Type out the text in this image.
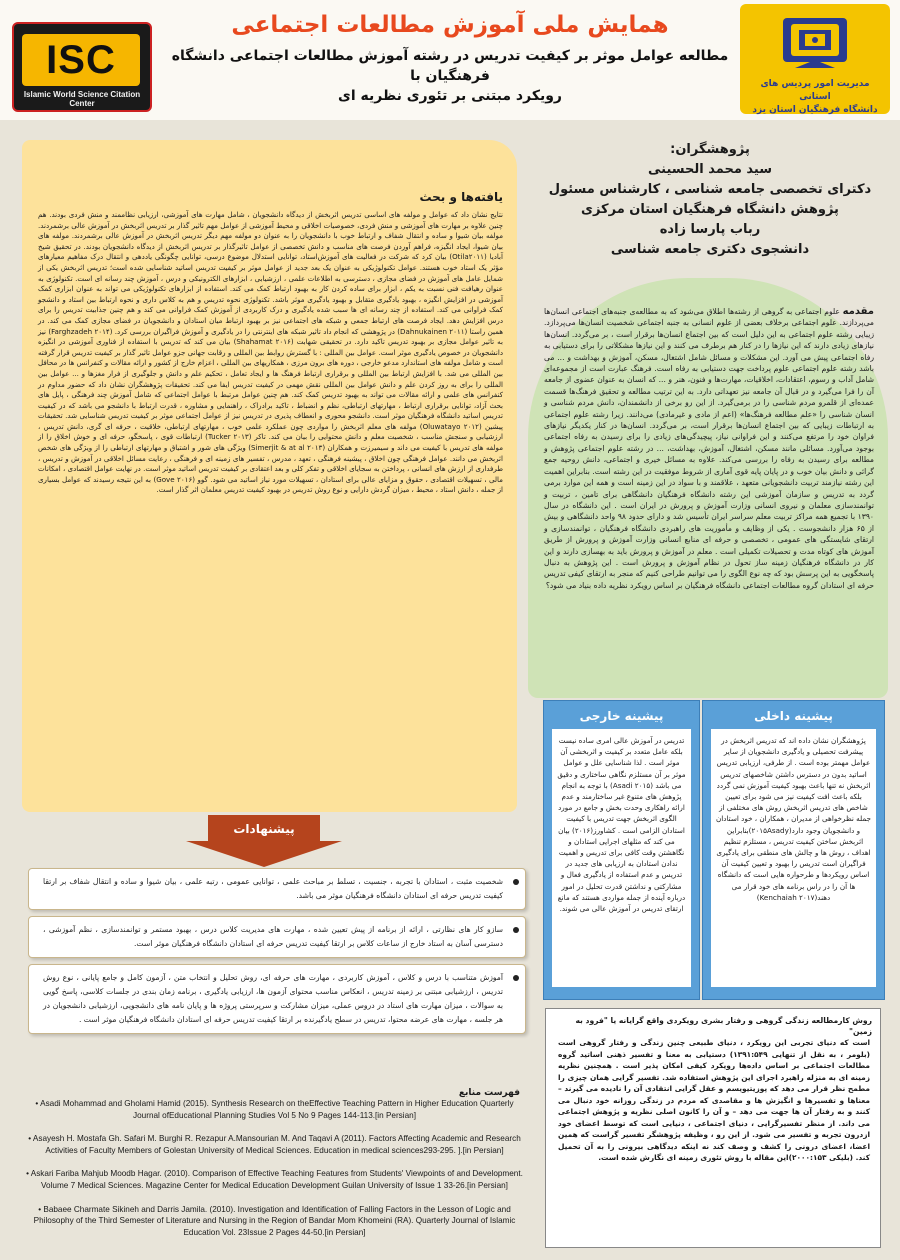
ISC
Islamic World Science Citation Center
مدیریت امور پردیس های استانی
دانشگاه فرهنگیان استان یزد
همایش ملی آموزش مطالعات اجتماعی
مطالعه عوامل موثر بر کیفیت تدریس در رشته آموزش مطالعات اجتماعی دانشگاه فرهنگیان با
رویکرد مبتنی بر تئوری نظریه ای
یافته‌ها و بحث
نتایج نشان داد که عوامل و مولفه های اساسی تدریس اثربخش از دیدگاه دانشجویان ، شامل مهارت های آموزشی، ارزیابی نظاممند و منش فردی بودند. هم چنین علاوه بر مهارت های آموزشی و منش فردی، خصوصیات اخلاقی و محیط آموزشی از عوامل مهم تاثیر گذار بر تدریس اثربخش در آموزش عالی برشمردند. مولفه بیان شیوا و ساده و انتقال شفاف و ارتباط خوب با دانشجویان را به عنوان دو مولفه مهم دیگر تدریس اثربخش در آموزش عالی برشمردند. مولفه های بیان شیوا، ایجاد انگیزه، فراهم آوردن فرصت های مناسب و دانش تخصصی از عوامل تاثیرگذار بر تدریس اثربخش از دیدگاه دانشجویان بودند. در تحقیق شیخ آبادیا (Otila۲۰۱۱) بیان کرد که شرکت در فعالیت های آموزش‌استاد، توانایی استدلال موضوع درسی، توانایی چگونگی یاددهی و انتقال درک مفاهیم معیارهای مؤثر یک استاد خوب هستند. عوامل تکنولوژیکی به عنوان یک بعد جدید از عوامل موثر بر کیفیت تدریس اساتید شناسایی شده است؛ تدریس اثربخش یکی از شمایل عامل های آموزش در فضای مجازی ، دسترسی به اطلاعات علمی ، ارزشیابی ، ابزارهای الکترونیکی و درس ، آموزش چند رسانه ای است. تکنولوژی به عنوان رهیافت فنی نسبت به یکم ، ابزار برای ساده کردن کار به بهبود ارتباط کمک می کند. استفاده از ابزارهای تکنولوژیکی می تواند به عنوان ابزاری کمک آموزشی در افزایش انگیزه ، بهبود یادگیری متقابل و بهبود یادگیری موثر باشد. تکنولوژی نحوه تدریس و هم به کلاس داری و نحوه ارتباط بین استاد و دانشجو کمک فراوانی می کند. استفاده از چند رسانه ای ها سبب شده یادگیری و درک کاربردی از آموزش کمک فراوانی می کند و هم چنین جذابیت تدریس را برای درس افزایش دهد. ایجاد فرصت های ارتباط جمعی و شبکه های اجتماعی نیز بر بهبود ارتباط میان استادان و دانشجویان در فضای مجازی کمک می کند. در همین راستا (Dahnukainen ۲۰۱۱) در پژوهشی که انجام داد تاثیر شبکه های اینترنتی را در یادگیری و آموزش فراگیران بررسی کرد. (Farghzadeh ۲۰۱۴) نیز به تاثیر عوامل مجازی بر بهبود تدریس تاکید دارد. در تحقیقی شهابت (Shahamat ۲۰۱۶) بیان می کند که تدریس با استفاده از فناوری آموزشی در انگیزه دانشجویان در خصوص یادگیری موثر است. عوامل بین المللی : با گسترش روابط بین المللی و رقابت جهانی جزو عوامل تاثیر گذار بر کیفیت تدریس قرار گرفته است و شامل مولفه های استاندارد مدعو خارجی ، دوره های برون مرزی ، همکاریهای بین المللی ، اعزام خارج از کشور و ارائه مقالات و کنفرانس ها در محافل بین المللی می شد. با افزایش ارتباط بین المللی و برقراری ارتباط فرهنگ ها و ایجاد تعامل ، تحکیم علم و دانش و جلوگیری از فرار مغزها و ... عوامل بین المللی را برای به روز کردن علم و دانش عوامل بین المللی نقش مهمی در کیفیت تدریس ایفا می کند. تحقیقات پژوهشگران نشان داد که حضور مداوم در کنفرانس های علمی و ارائه مقالات می تواند به بهبود تدریس کمک کند. هم چنین عوامل مرتبط با عوامل اجتماعی که شامل آموزش چند فرهنگی ، پایل های بحث آزاد، توانایی برقراری ارتباط ، مهارتهای ارتباطی، نظم و انضباط ، تاکید برادراک ، راهنمایی و مشاوره ، قدرت ارتباط با دانشجو می باشد که در کیفیت تدریس اساتید دانشگاه فرهنگیان موثر است. دانشجو محوری و انعطاف پذیری در تدریس نیز از عوامل اجتماعی موثر بر کیفیت تدریس شناسایی شد. تحقیقات پیشین (Oluwatayo ۲۰۱۲) مولفه های معلم اثربخش را مواردی چون عملکرد علمی خوب ، مهارتهای ارتباطی، خلاقیت ، حرفه ای گری، دانش تدریس ، ارزشیابی و سنجش مناسب ، شخصیت معلم و دانش محتوایی را بیان می کند. تاکر (Tucker ۲۰۱۳) ارتباطات قوی ، پاسخگو، حرفه ای و خوش اخلاق را از مولفه های تدریس با کیفیت می داند و سیمیرزت و همکاران (Simerjit & at al ۲۰۱۳) ویژگی های شور و اشتیاق و مهارتهای ارتباطی را از ویژگی های شخص اثربخش می دانند. عوامل فرهنگی چون اخلاق ، پیشینه فرهنگی ، تعهد ، مدرس ، تفسیر های زمینه ای و فرهنگی ، رعایت مسائل اخلاقی در آموزش و تدریس ، طرفداری از ارزش های انسانی ، پرداختن به سجایای اخلاقی و تفکر کلی و بعد اعتقادی بر کیفیت تدریس اساتید موثر است. در نهایت عوامل اقتصادی ، امکانات مالی ، تسهیلات اقتصادی ، حقوق و مزایای عالی برای استادان ، تسهیلات مورد نیاز اساتید می شود. گوو (Gove ۲۰۱۶) به این نتیجه رسیدند که عوامل بسیاری از جمله ، دانش استاد ، محیط ، میزان گردش دارایی و نوع روش تدریس در بهبود کیفیت تدریس معلمان اثر گذار است.
پژوهشگران:
سید محمد الحسینی
دکترای تخصصی جامعه شناسی ، کارشناس مسئول
پژوهش دانشگاه فرهنگیان استان مرکزی
رباب پارسا زاده
دانشجوی دکتری جامعه شناسی
مقدمه علوم اجتماعی به گروهی از رشته‌ها اطلاق می‌شود که به مطالعه‌ی جنبه‌های اجتماعی انسان‌ها می‌پردازند. علوم اجتماعی برخلاف بعضی از علوم انسانی به جنبه اجتماعی شخصیت انسان‌ها می‌پردازد. زیبایی رشته علوم اجتماعی به این دلیل است که بین اجتماع انسان‌ها برقرار است ، بر می‌گردد. انسان‌ها نیازهای زیادی دارند که این نیازها را در کنار هم برطرف می کنند و این نیازها مشکلاتی را برای دستیابی به رفاه اجتماعی پیش می آورد. این مشکلات و مسائل شامل اشتغال، مسکن، آموزش و بهداشت و ... می باشد رشته علوم اجتماعی علوم پرداخت جهت دستیابی به رفاه است. فرهنگ عبارت است از مجموعه‌ای شامل آداب و رسوم، اعتقادات، اخلاقیات، مهارت‌ها و فنون، هنر و ... که انسان به عنوان عضوی از جامعه آن را فرا می‌گیرد و در قبال آن جامعه نیز تعهداتی دارد. به این ترتیب مطالعه و تحقیق فرهنگ‌ها قسمت عمده‌ای از قلمرو مردم شناسی را در برمی‌گیرد. از این رو برخی از دانشمندان، دانش مردم شناسی و انسان شناسی را «علم مطالعه فرهنگ‌ها» (اعم از مادی و غیرمادی) می‌دانند. زیرا رشته علوم اجتماعی به ارتباطات زیبایی که بین اجتماع انسان‌ها برقرار است، بر می‌گردد. انسان‌ها در کنار یکدیگر نیازهای فراوان خود را مرتفع می‌کنند و این فراوانی نیاز، پیچیدگی‌های زیادی را برای رسیدن به رفاه اجتماعی بوجود می‌آورد. مسائلی مانند مسکن، اشتغال، آموزش، بهداشت، ... در رشته علوم اجتماعی پژوهش و مطالعه برای رسیدن به رفاه را بررسی می‌کند. علاوه به مسائل خیری و اجتماعی، دانش روحیه جمع گرائی و دانش بیان خوب و در پایان پایه قوی آماری از شروط موفقیت در این رشته است. بنابراین اهمیت این رشته نیازمند تربیت دانشجویانی متعهد ، علاقمند و با سواد در این زمینه است و همه این موارد برمی گردد به تدریس و سازمان آموزشی این رشته دانشگاه فرهنگیان دانشگاهی برای تامین ، تربیت و توانمندسازی معلمان و نیروی انسانی وزارت آموزش و پرورش در ایران است . این دانشگاه در سال ۱۳۹۰ با تجمیع همه مراکز تربیت معلم سراسر ایران تأسیس شد و دارای حدود ۹۸ واحد دانشگاهی و بیش از ۶۵ هزار دانشجوست . یکی از وظایف و مأموریت های راهبردی دانشگاه فرهنگیان ، توانمندسازی و ارتقای شایستگی های عمومی ، تخصصی و حرفه ای منابع انسانی وزارت آموزش و پرورش از طریق آموزش های کوتاه مدت و تحصیلات تکمیلی است . معلم در آموزش و پرورش باید به بهسازی دارند و این کار در دانشگاه فرهنگیان زمینه ساز تحول در نظام آموزش و پرورش است . این پژوهش به دنبال پاسخگویی به این پرسش بود که چه نوع الگوی را می توانیم طراحی کنیم که منجر به ارتقای کیفی تدریس حرفه ای استادان گروه مطالعات اجتماعی دانشگاه فرهنگیان بر اساس رویکرد نظریه داده بنیاد می شود؟
پیشینه داخلی
پژوهشگران نشان داده اند که تدریس اثربخش در پیشرفت تحصیلی و یادگیری دانشجویان از سایر عوامل مهمتر بوده است . از طرفی، ارزیابی تدریس اساتید بدون در دسترس داشتن شاخصهای تدریس اثربخش نه تنها باعث بهبود کیفیت آموزش نمی گردد بلکه باعث افت کیفیت نیز می شود برای تعیین شاخص های تدریس اثربخش روش های مختلفی از جمله نظرخواهی از مدیران ، همکاران ، خود استادان و دانشجویان وجود دارد(۲۰۱۵Asady)بنابراین اثربخش ساختن کیفیت تدریس ، مستلزم تنظیم اهداف ، روش ها و چالش های منطقی برای یادگیری فراگیران است تدریس را بهبود و تعیین کیفیت آن اساس رویکردها و طرحواره هایی است که دانشگاه ها آن را در راس برنامه های خود قرار می دهند(Kenchaiah ۲۰۱۷)
پیشینه خارجی
تدریس در آموزش عالی امری ساده نیست بلکه عامل متعدد بر کیفیت و اثربخشی آن موثر است . لذا شناسایی علل و عوامل موثر بر آن مستلزم نگاهی ساختاری و دقیق می باشد (۲۰۱۵ Asadi) با توجه به انجام پژوهش های متنوع غیر ساختارمند و عدم ارائه راهکاری وحدت بخش و جامع در مورد الگوی اثربخش جهت تدریس با کیفیت استادان الزامی است . کشاورز(۲۰۱۶) بیان می کند که مثلهای اجرایی استادان و نگاهشتن وقت کافی برای تدریس و اهمیت ندادن استادان به ارزیابی های جدید در تدریس و عدم استفاده از یادگیری فعال و مشارکتی و نداشتن قدرت تحلیل در امور درباره آینده از جمله مواردی هستند که مانع ارتقای تدریس در آموزش عالی می شوند.
پیشنهادات
شخصیت مثبت ، استادان با تجربه ، جنسیت ، تسلط بر مباحث علمی ، توانایی عمومی ، رتبه علمی ، بیان شیوا و ساده و انتقال شفاف بر ارتقا کیفیت تدریس حرفه ای استادان دانشگاه فرهنگیان موثر می باشد.
سازو کار های نظارتی ، ارائه از برنامه از پیش تعیین شده ، مهارت های مدیریت کلاس درس ، بهبود مستمر و توانمندسازی ، نظم آموزشی ، دسترسی آسان به استاد خارج از ساعات کلاس بر ارتقا کیفیت تدریس حرفه ای استادان دانشگاه فرهنگیان موثر است.
آموزش متناسب با درس و کلاس ، آموزش کاربردی ، مهارت های حرفه ای، روش تحلیل و انتخاب متن ، آزمون کامل و جامع پایانی ، نوع روش تدریس ، ارزشیابی مبتنی بر زمینه تدریس ، انعکاس مناسب محتوای آزمون ها، ارزیابی یادگیری ، برنامه زمان بندی در جلسات کلاسی، پاسخ گویی به سوالات ، میزان مهارت های استاد در دروس عملی، میزان مشارکت و سرپرستی پروژه ها و پایان نامه های دانشجویی، ارزشیابی دانشجویان در هر جلسه ، مهارت های عرضه محتوا، تدریس در سطح یادگیرنده بر ارتقا کیفیت تدریس حرفه ای استادان دانشگاه فرهنگیان موثر است .
فهرست منابع
• Asadi Mohammad and Gholami Hamid (2015). Synthesis Research on theEffective Teaching Pattern in Higher Education Quarterly Journal ofEducational Planning Studies Vol 5 No 9 Pages 144-113.[in Persian]
• Asayesh H. Mostafa Gh. Safari M. Burghi R. Rezapur A.Mansourian M. And Taqavi A (2011). Factors Affecting Academic and Research Activities of Faculty Members of Golestan University of Medical Sciences. Education in medical sciences293-295. ].[in Persian]
• Askari Fariba Mahjub Moodb Hagar. (2010). Comparison of Effective Teaching Features from Students' Viewpoints of and Development. Volume 7 Medical Sciences. Magazine Center for Medical Education Development Guilan University of Issue 1 33-26.[in Persian]
• Babaee Charmate Sikineh and Darris Jamila. (2010). Investigation and Identification of Falling Factors in the Lesson of Logic and Philosophy of the Third Semester of Literature and Nursing in the Region of Bandar Mom Khomeini (RA). Quarterly Journal of Islamic Education Vol. 23Issue 2 Pages 44-50.[in Persian]
روش کارمطالعه زندگی گروهی و رفتار بشری رویکردی واقع گرایانه یا "فرود به زمین"
است که دنیای تجربی این رویکرد ، دنیای طبیعی چنین زندگی و رفتار گروهی است (بلومر ، به نقل از تنهایی ۱۳۹۱:۵۴۹) دستیابی به معنا و تفسیر ذهنی اساتید گروه مطالعات اجتماعی بر اساس داده‌ها رویکرد کیفی امکان پذیر است . همچنین نظریه زمینه ای به منزله راهبرد اجرای این پژوهش استفاده شد. تفسیر گرایی همان چیزی را مطمح نظر قرار می دهد که پوزیتیویسم و عقل گرایی انتقادی آن را نادیده می گیرند – معناها و تفسیرها و انگیزش ها و مقاصدی که مردم در زندگی روزانه خود دنبال می کنند و به رفتار آن ها جهت می دهد – و آن را کانون اصلی نظریه و پژوهش اجتماعی می داند. از منظر تفسیرگرایی ، دنیای اجتماعی ، دنیایی است که توسط اعضای خود ازدرون تجربه و تفسیر می شود. از این رو ، وظیفه پژوهشگر تفسیر گراست که همین اعضا، اعضای درونی را کشف و وصف کند نه اینکه دیدگاهی بیرونی را به آن تحمیل کند. (بلیکی ۲۰۰۰:۱۵۳)این مقاله با روش تئوری زمینه ای نگارش شده است.
